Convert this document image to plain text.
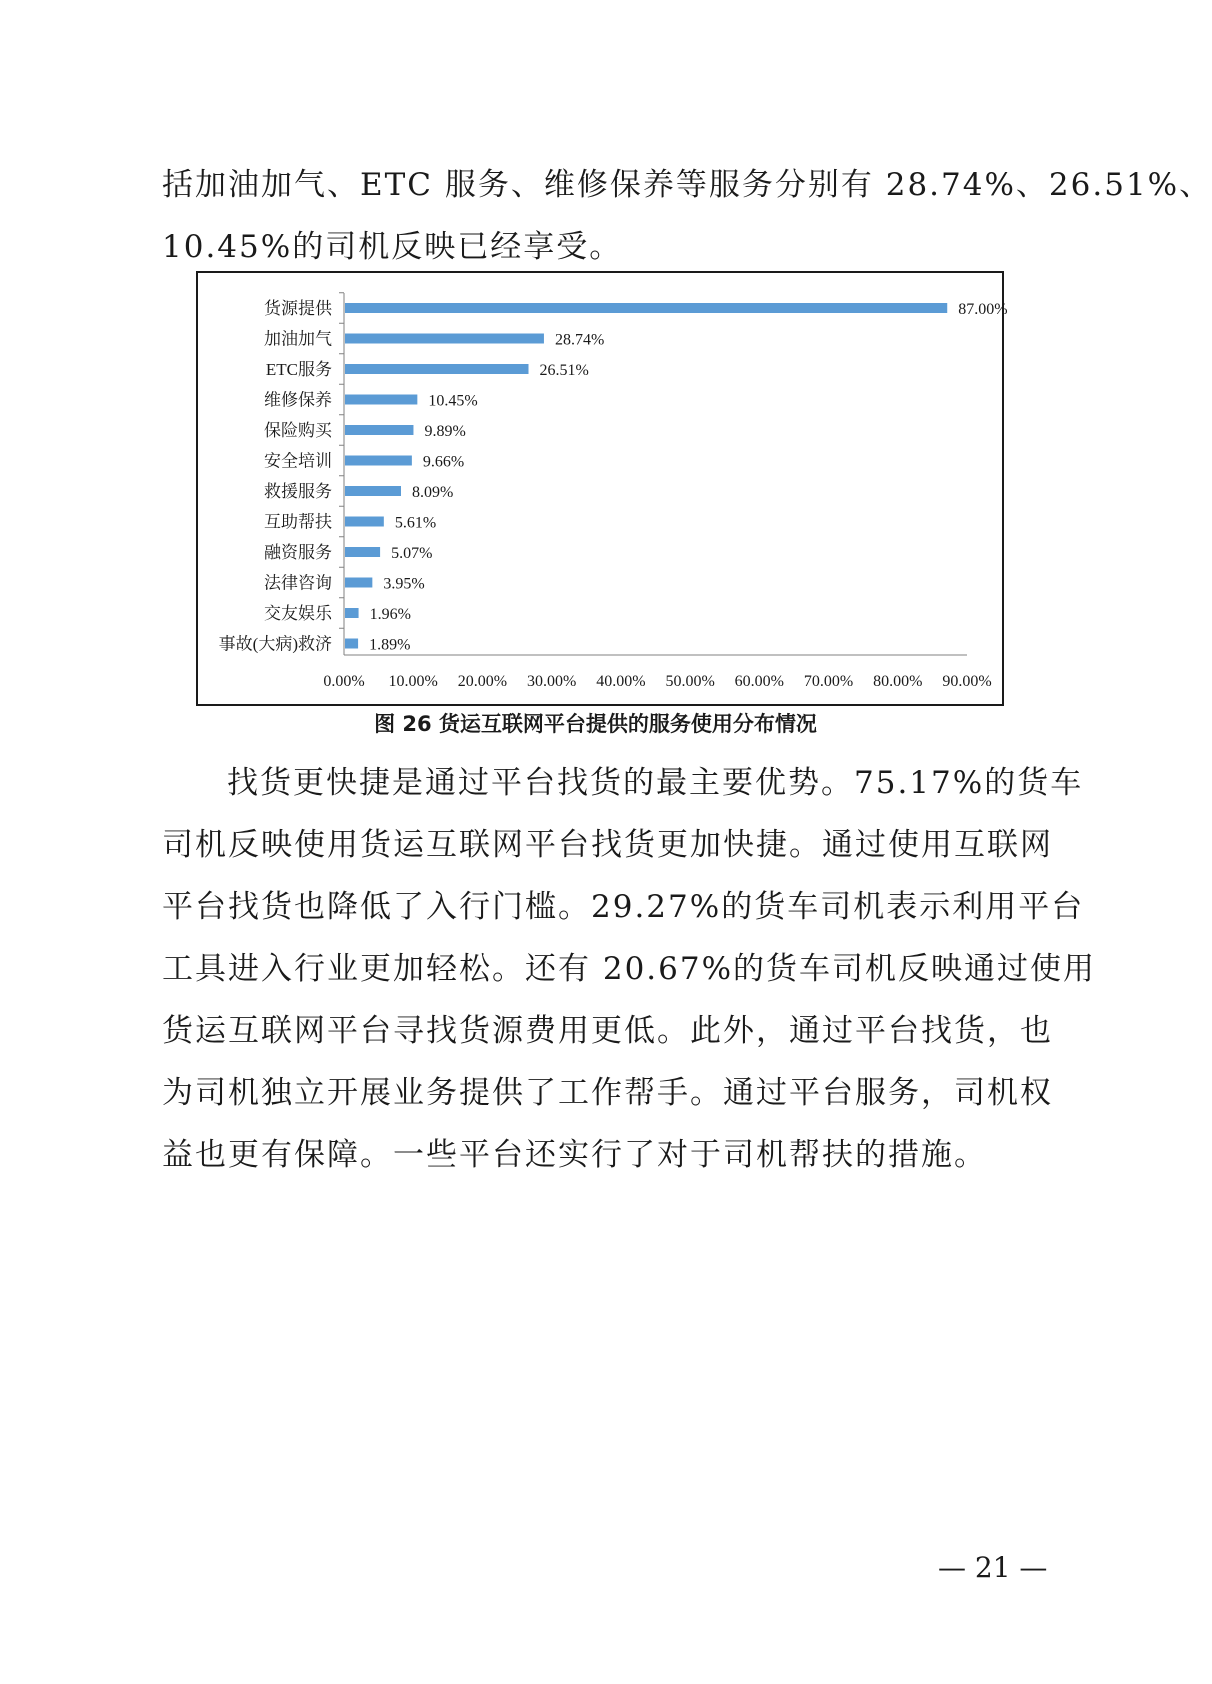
括加油加气、ETC 服务、维修保养等服务分别有 28.74%、26.51%、
10.45%的司机反映已经享受。
货源提供	87.00%
加油加气	28.74%
ETC服务	26.51%
维修保养	10.45%
保险购买	9.89%
安全培训	9.66%
救援服务	8.09%
互助帮扶	5.61%
融资服务	5.07%
法律咨询	3.95%
交友娱乐 1.96%
事故(大病)救济 1.89%
0.00% 10.00% 20.00% 30.00% 40.00% 50.00% 60.00% 70.00% 80.00% 90.00%
图 26 货运互联网平台提供的服务使用分布情况
找货更快捷是通过平台找货的最主要优势。75.17%的货车
司机反映使用货运互联网平台找货更加快捷。通过使用互联网
平台找货也降低了入行门槛。29.27%的货车司机表示利用平台
工具进入行业更加轻松。还有 20.67%的货车司机反映通过使用
货运互联网平台寻找货源费用更低。此外，通过平台找货，也
为司机独立开展业务提供了工作帮手。通过平台服务，司机权
益也更有保障。一些平台还实行了对于司机帮扶的措施。
— 21 —
